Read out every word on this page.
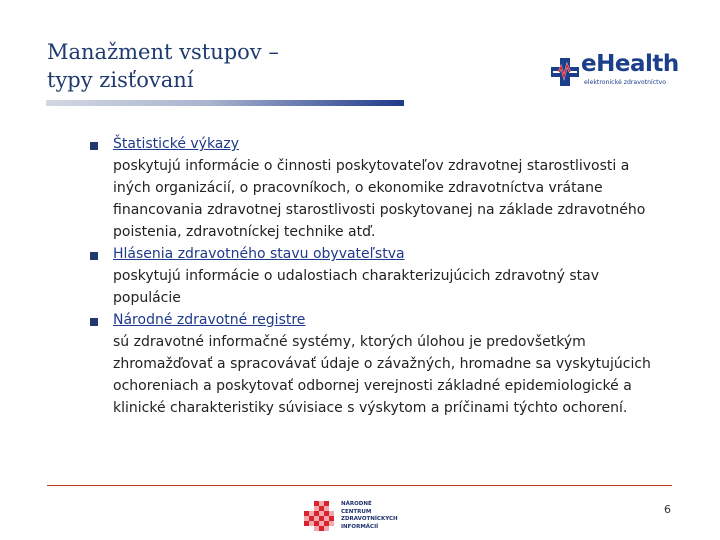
Manažment vstupov –
typy zisťovaní
eHealth
elektronické zdravotníctvo
Štatistické výkazy
poskytujú informácie o činnosti poskytovateľov zdravotnej starostlivosti a iných organizácií, o pracovníkoch, o ekonomike zdravotníctva vrátane financovania zdravotnej starostlivosti poskytovanej na základe zdravotného poistenia, zdravotníckej technike atď.
Hlásenia zdravotného stavu obyvateľstva
poskytujú informácie o udalostiach charakterizujúcich zdravotný stav populácie
Národné zdravotné registre
sú zdravotné informačné systémy, ktorých úlohou je predovšetkým zhromažďovať a spracovávať údaje o závažných, hromadne sa vyskytujúcich ochoreniach a poskytovať odbornej verejnosti základné epidemiologické a klinické charakteristiky súvisiace s výskytom a príčinami týchto ochorení.
NÁRODNÉ
CENTRUM
ZDRAVOTNÍCKYCH
INFORMÁCIÍ
6
